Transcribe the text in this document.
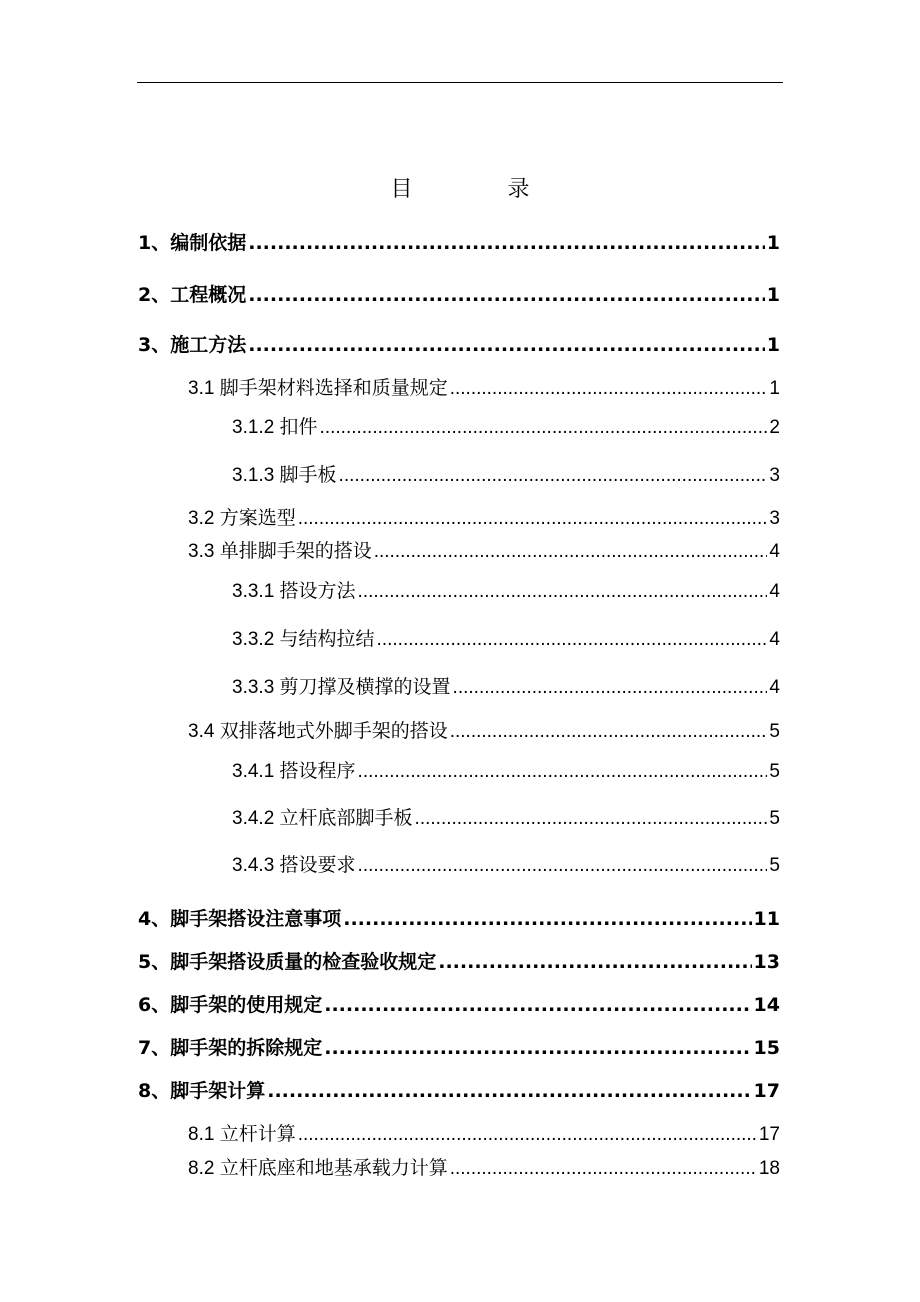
目 录
1、编制依据 .....	1
2、工程概况 .....	1
3、施工方法 .....	1
3.1 脚手架材料选择和质量规定 .....	1
3.1.2 扣件 .....	2
3.1.3 脚手板 .....	3
3.2 方案选型 .....	3
3.3 单排脚手架的搭设 .....	4
3.3.1 搭设方法 .....	4
3.3.2 与结构拉结 .....	4
3.3.3 剪刀撑及横撑的设置 .....	4
3.4 双排落地式外脚手架的搭设 .....	5
3.4.1 搭设程序 .....	5
3.4.2 立杆底部脚手板 .....	5
3.4.3 搭设要求 .....	5
4、脚手架搭设注意事项 .....	11
5、脚手架搭设质量的检查验收规定 .....	13
6、脚手架的使用规定 .....	14
7、脚手架的拆除规定 .....	15
8、脚手架计算 .....	17
8.1 立杆计算 .....	17
8.2 立杆底座和地基承载力计算 .....	18
